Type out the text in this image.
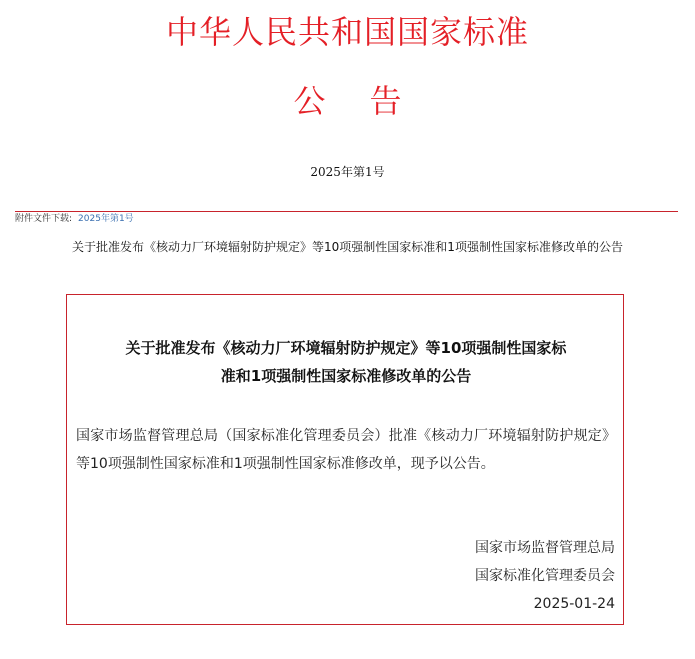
中华人民共和国国家标准
公告
2025年第1号
附件文件下载: 2025年第1号
关于批准发布《核动力厂环境辐射防护规定》等10项强制性国家标准和1项强制性国家标准修改单的公告
关于批准发布《核动力厂环境辐射防护规定》等10项强制性国家标
准和1项强制性国家标准修改单的公告
国家市场监督管理总局（国家标准化管理委员会）批准《核动力厂环境辐射防护规定》等10项强制性国家标准和1项强制性国家标准修改单，现予以公告。
国家市场监督管理总局
国家标准化管理委员会
2025-01-24
